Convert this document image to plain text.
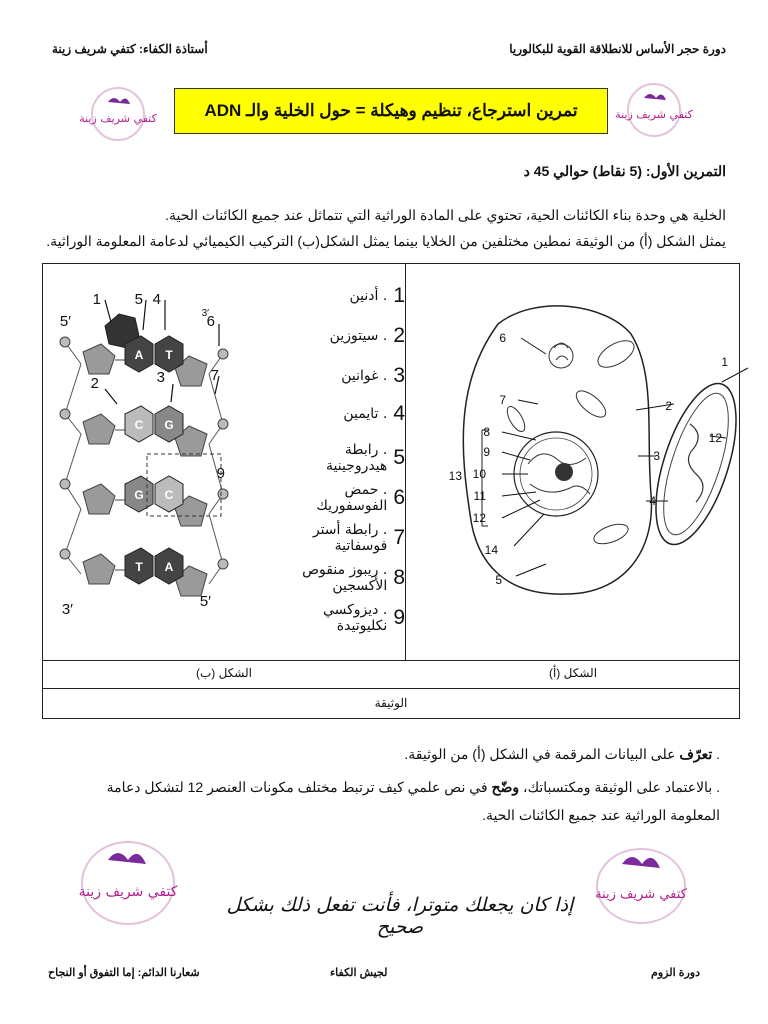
دورة حجر الأساس للانطلاقة القوية للبكالوريا
أستاذة الكفاء: كتفي شريف زينة
كتفي شريف زينة	كتفي شريف زينة
تمرين استرجاع، تنظيم وهيكلة = حول الخلية والـ ADN
التمرين الأول: (5 نقاط) حوالي 45 د
الخلية هي وحدة بناء الكائنات الحية، تحتوي على المادة الوراثية التي تتماثل عند جميع الكائنات الحية.
يمثل الشكل (أ) من الوثيقة نمطين مختلفين من الخلايا بينما يمثل الشكل(ب) التركيب الكيميائي لدعامة المعلومة الوراثية.
A T
C G
G C
T A
5′	3′
3′	5′
1 5 4
6
2	3	7
9
1
. أدنين
2
. سيتوزين
3
. غوانين
4
. تايمين
5
. رابطة هيدروجينية
6
. حمض الفوسفوريك
7
. رابطة أستر فوسفاتية
8
. ريبوز منقوص الأكسجين
9
. ديزوكسي نكليوتيدة
6
7
8
9
10
11
12
13
14
5
2
3
4
1
12
الشكل (ب)	الشكل (أ)
الوثيقة
. تعرّف على البيانات المرقمة في الشكل (أ) من الوثيقة.
. بالاعتماد على الوثيقة ومكتسباتك، وضّح في نص علمي كيف ترتبط مختلف مكونات العنصر 12 لتشكل دعامة
المعلومة الوراثية عند جميع الكائنات الحية.
كتفي شريف زينة	كتفي شريف زينة
إذا كان يجعلك متوترا، فأنت تفعل ذلك بشكل صحيح
دورة الزوم
لجيش الكفاء
شعارنا الدائم: إما التفوق أو النجاح
